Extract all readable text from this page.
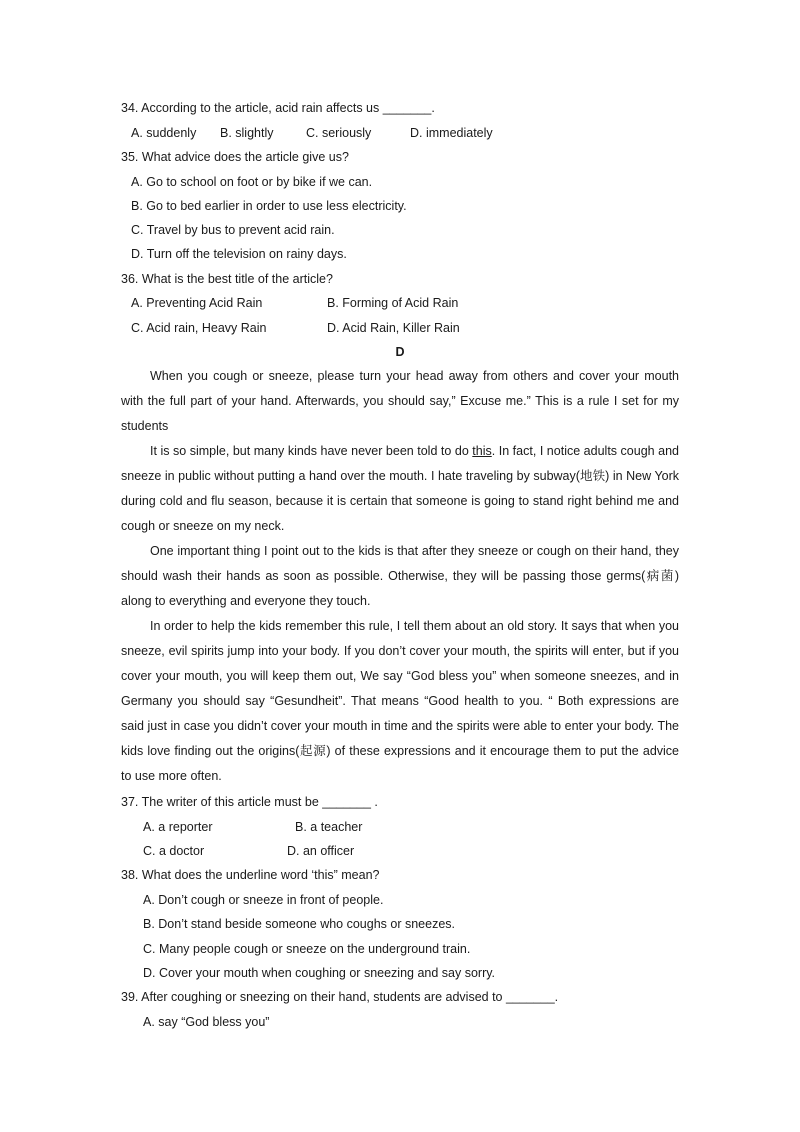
34. According to the article, acid rain affects us _______.
A. suddenly B. slightly	C. seriously	D. immediately
35. What advice does the article give us?
A. Go to school on foot or by bike if we can.
B. Go to bed earlier in order to use less electricity.
C. Travel by bus to prevent acid rain.
D. Turn off the television on rainy days.
36. What is the best title of the article?
A. Preventing Acid Rain	B. Forming of Acid Rain
C. Acid rain, Heavy Rain	D. Acid Rain, Killer Rain
D
When you cough or sneeze, please turn your head away from others and cover your mouth with the full part of your hand. Afterwards, you should say,” Excuse me.” This is a rule I set for my students
It is so simple, but many kinds have never been told to do this. In fact, I notice adults cough and sneeze in public without putting a hand over the mouth. I hate traveling by subway(地铁) in New York during cold and flu season, because it is certain that someone is going to stand right behind me and cough or sneeze on my neck.
One important thing I point out to the kids is that after they sneeze or cough on their hand, they should wash their hands as soon as possible. Otherwise, they will be passing those germs(病菌) along to everything and everyone they touch.
In order to help the kids remember this rule, I tell them about an old story. It says that when you sneeze, evil spirits jump into your body. If you don’t cover your mouth, the spirits will enter, but if you cover your mouth, you will keep them out, We say “God bless you” when someone sneezes, and in Germany you should say “Gesundheit”. That means “Good health to you. “ Both expressions are said just in case you didn’t cover your mouth in time and the spirits were able to enter your body. The kids love finding out the origins(起源) of these expressions and it encourage them to put the advice to use more often.
37. The writer of this article must be _______ .
A. a reporter	B. a teacher
C. a doctor	D. an officer
38. What does the underline word ‘this” mean?
A. Don’t cough or sneeze in front of people.
B. Don’t stand beside someone who coughs or sneezes.
C. Many people cough or sneeze on the underground train.
D. Cover your mouth when coughing or sneezing and say sorry.
39. After coughing or sneezing on their hand, students are advised to _______.
A. say “God bless you”
